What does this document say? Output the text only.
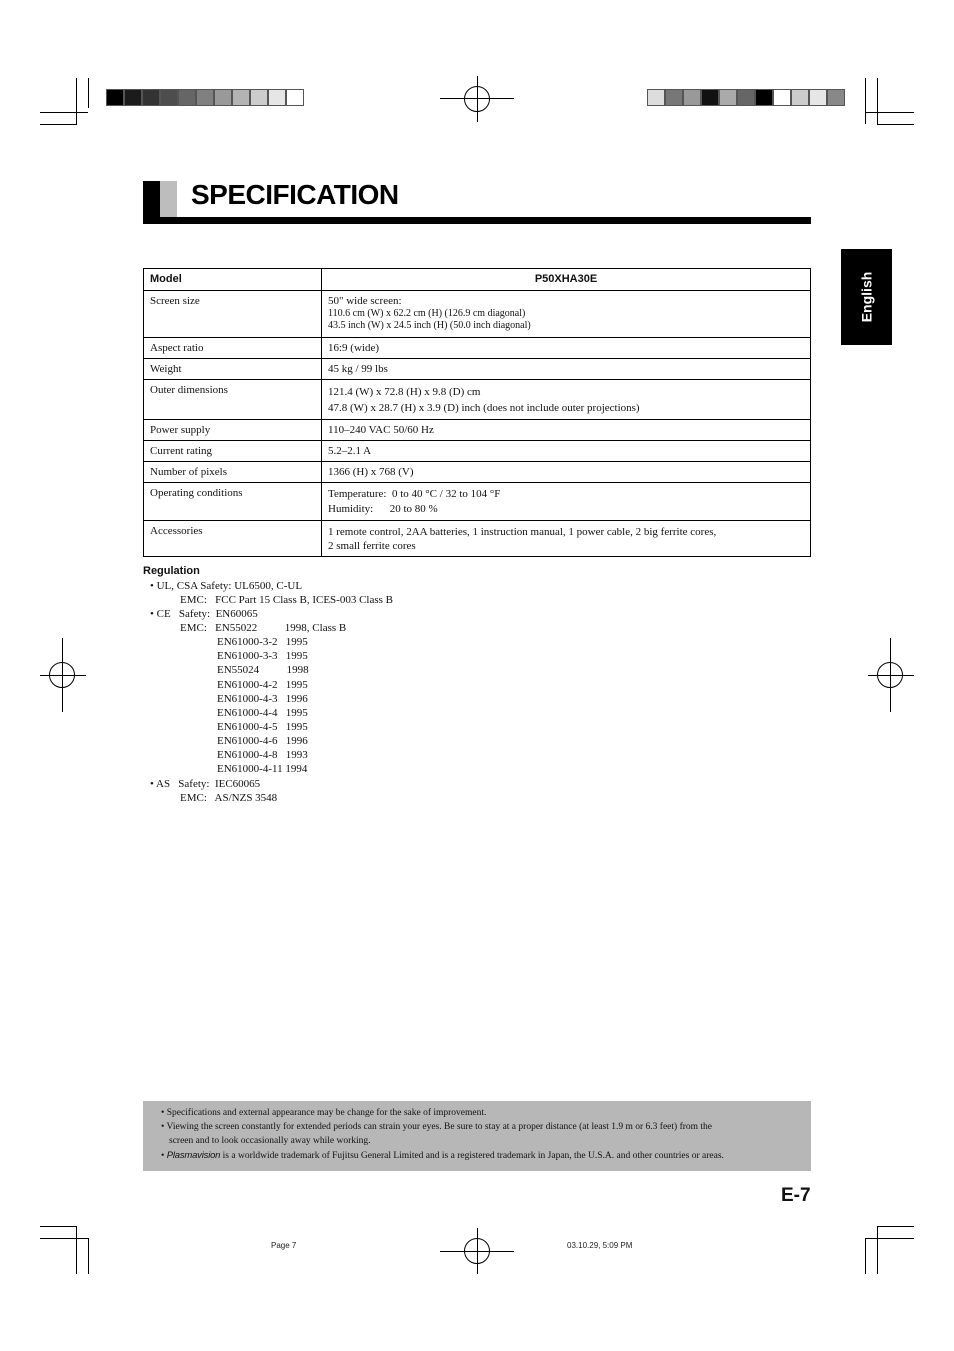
SPECIFICATION
English
Model	P50XHA30E
Screen size	50" wide screen:
110.6 cm (W) x 62.2 cm (H) (126.9 cm diagonal)
43.5 inch (W) x 24.5 inch (H) (50.0 inch diagonal)

Aspect ratio	16:9 (wide)
Weight	45 kg / 99 lbs
Outer dimensions	121.4 (W) x 72.8 (H) x 9.8 (D) cm
47.8 (W) x 28.7 (H) x 3.9 (D) inch (does not include outer projections)

Power supply	110–240 VAC 50/60 Hz
Current rating	5.2–2.1 A
Number of pixels	1366 (H) x 768 (V)
Operating conditions	Temperature:  0 to 40 °C / 32 to 104 °F
Humidity:      20 to 80 %

Accessories	1 remote control, 2AA batteries, 1 instruction manual, 1 power cable, 2 big ferrite cores,
2 small ferrite cores
Regulation
• UL, CSA Safety: UL6500, C-UL
EMC:   FCC Part 15 Class B, ICES-003 Class B
• CE   Safety:  EN60065
EMC:   EN55022          1998, Class B
EN61000-3-2   1995
EN61000-3-3   1995
EN55024          1998
EN61000-4-2   1995
EN61000-4-3   1996
EN61000-4-4   1995
EN61000-4-5   1995
EN61000-4-6   1996
EN61000-4-8   1993
EN61000-4-11 1994
• AS   Safety:  IEC60065
EMC:   AS/NZS 3548
• Specifications and external appearance may be change for the sake of improvement.
• Viewing the screen constantly for extended periods can strain your eyes. Be sure to stay at a proper distance (at least 1.9 m or 6.3 feet) from the
screen and to look occasionally away while working.
• Plasmavision is a worldwide trademark of Fujitsu General Limited and is a registered trademark in Japan, the U.S.A. and other countries or areas.
E-7
Page 7	03.10.29, 5:09 PM
